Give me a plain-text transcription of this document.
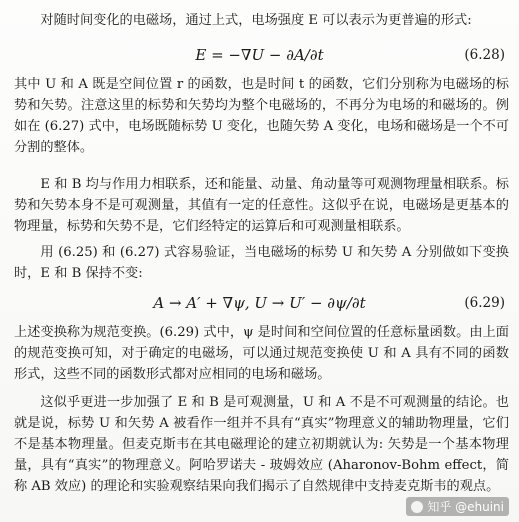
对随时间变化的电磁场，通过上式，电场强度 E 可以表示为更普遍的形式:
E = −∇U − ∂A/∂t	(6.28)
其中 U 和 A 既是空间位置 r 的函数，也是时间 t 的函数，它们分别称为电磁场的标势和矢势。注意这里的标势和矢势均为整个电磁场的，不再分为电场的和磁场的。例如在 (6.27) 式中，电场既随标势 U 变化，也随矢势 A 变化，电场和磁场是一个不可分割的整体。
E 和 B 均与作用力相联系，还和能量、动量、角动量等可观测物理量相联系。标势和矢势本身不是可观测量，其值有一定的任意性。这似乎在说，电磁场是更基本的物理量，标势和矢势不是，它们经特定的运算后和可观测量相联系。
用 (6.25) 和 (6.27) 式容易验证，当电磁场的标势 U 和矢势 A 分别做如下变换时，E 和 B 保持不变:
A → A′ + ∇ψ, U → U′ − ∂ψ/∂t	(6.29)
上述变换称为规范变换。(6.29) 式中，ψ 是时间和空间位置的任意标量函数。由上面的规范变换可知，对于确定的电磁场，可以通过规范变换使 U 和 A 具有不同的函数形式，这些不同的函数形式都对应相同的电场和磁场。
这似乎更进一步加强了 E 和 B 是可观测量，U 和 A 不是不可观测量的结论。也就是说，标势 U 和矢势 A 被看作一组并不具有“真实”物理意义的辅助物理量，它们不是基本物理量。但麦克斯韦在其电磁理论的建立初期就认为: 矢势是一个基本物理量，具有“真实”的物理意义。阿哈罗诺夫 - 玻姆效应 (Aharonov-Bohm effect，简称 AB 效应) 的理论和实验观察结果向我们揭示了自然规律中支持麦克斯韦的观点。
知乎 @ehuini
